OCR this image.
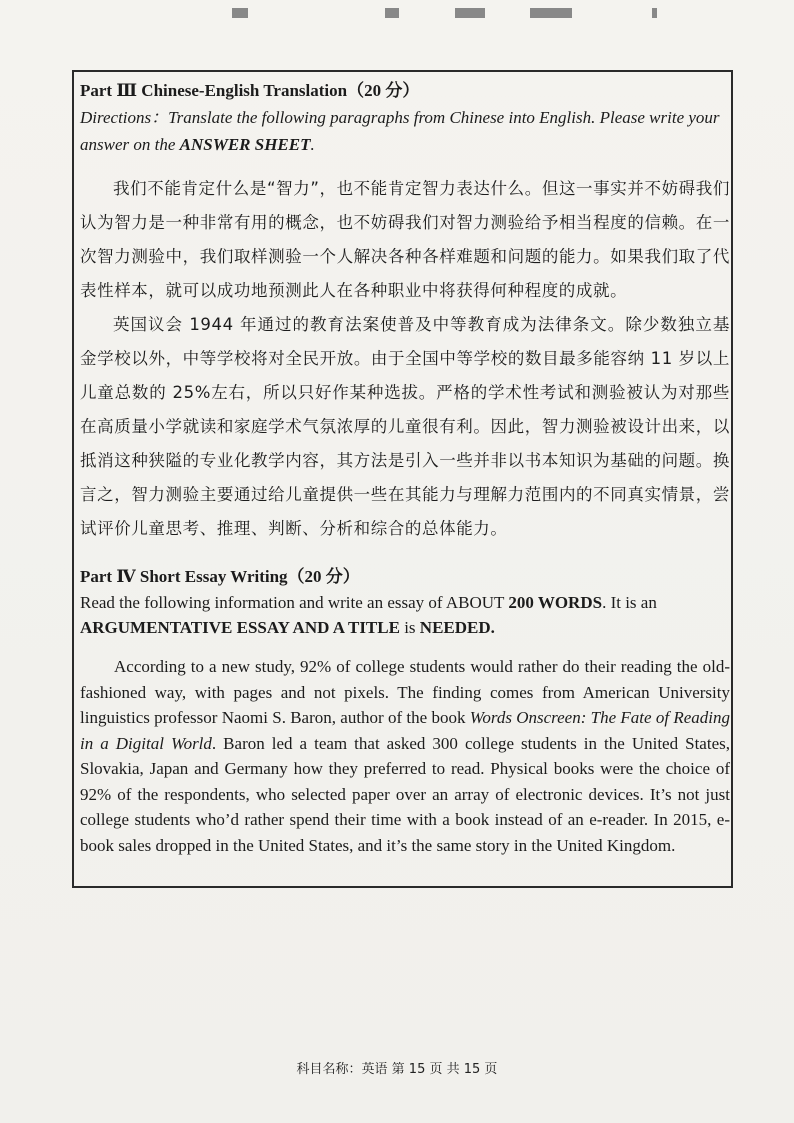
Part Ⅲ Chinese-English Translation（20 分）

Directions：Translate the following paragraphs from Chinese into English. Please write your answer on the ANSWER SHEET.

我们不能肯定什么是“智力”，也不能肯定智力表达什么。但这一事实并不妨碍我们认为智力是一种非常有用的概念，也不妨碍我们对智力测验给予相当程度的信赖。在一次智力测验中，我们取样测验一个人解决各种各样难题和问题的能力。如果我们取了代表性样本，就可以成功地预测此人在各种职业中将获得何种程度的成就。

英国议会 1944 年通过的教育法案使普及中等教育成为法律条文。除少数独立基金学校以外，中等学校将对全民开放。由于全国中等学校的数目最多能容纳 11 岁以上儿童总数的 25%左右，所以只好作某种选拔。严格的学术性考试和测验被认为对那些在高质量小学就读和家庭学术气氛浓厚的儿童很有利。因此，智力测验被设计出来，以抵消这种狭隘的专业化教学内容，其方法是引入一些并非以书本知识为基础的问题。换言之，智力测验主要通过给儿童提供一些在其能力与理解力范围内的不同真实情景，尝试评价儿童思考、推理、判断、分析和综合的总体能力。

Part Ⅳ Short Essay Writing（20 分）

Read the following information and write an essay of ABOUT 200 WORDS. It is an ARGUMENTATIVE ESSAY AND A TITLE is NEEDED.

According to a new study, 92% of college students would rather do their reading the old-fashioned way, with pages and not pixels. The finding comes from American University linguistics professor Naomi S. Baron, author of the book Words Onscreen: The Fate of Reading in a Digital World. Baron led a team that asked 300 college students in the United States, Slovakia, Japan and Germany how they preferred to read. Physical books were the choice of 92% of the respondents, who selected paper over an array of electronic devices. It’s not just college students who’d rather spend their time with a book instead of an e-reader. In 2015, e-book sales dropped in the United States, and it’s the same story in the United Kingdom.

科目名称：英语 第 15 页 共 15 页
